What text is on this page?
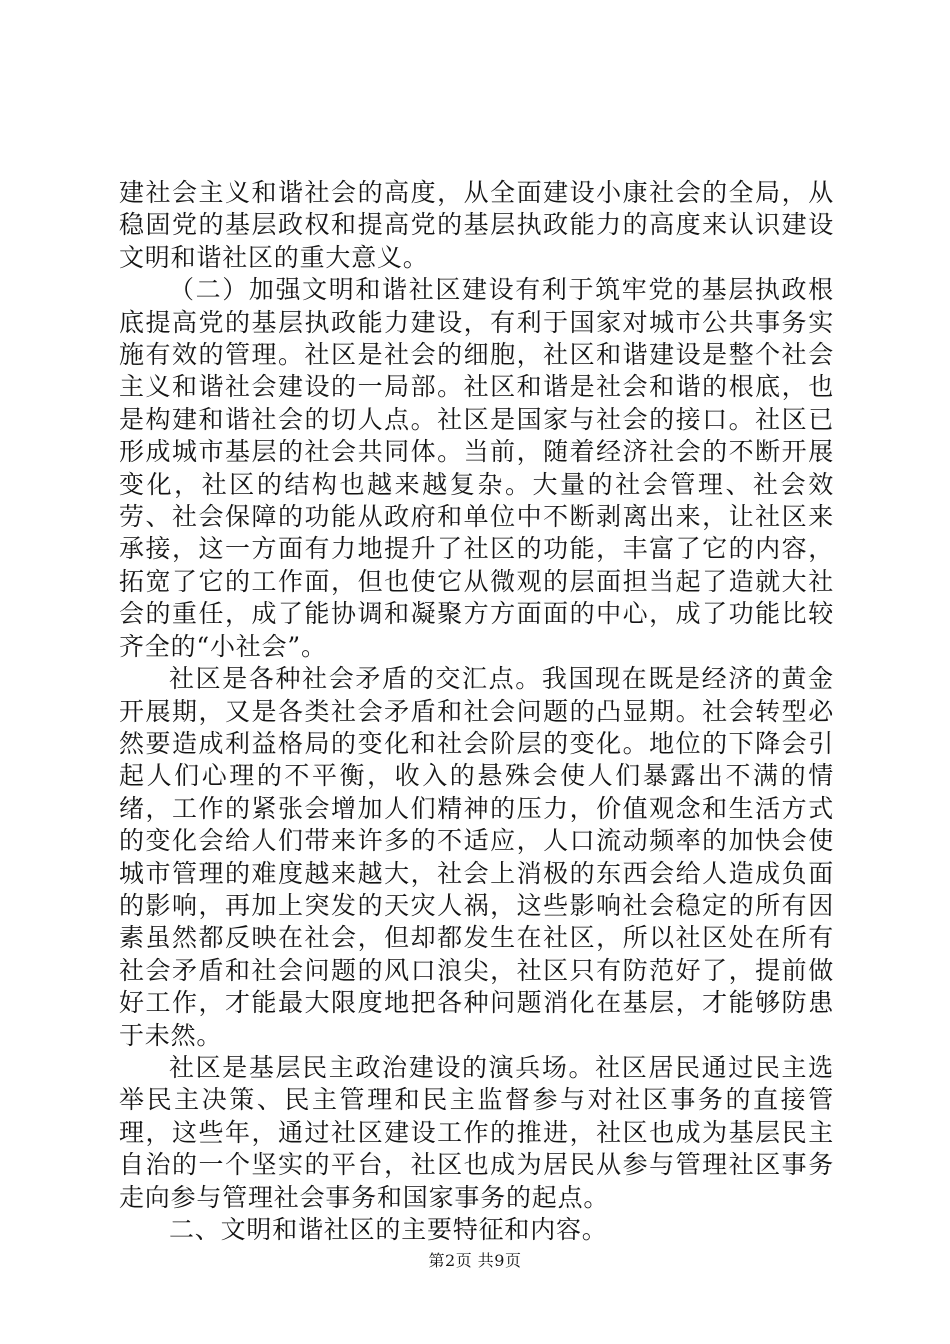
建社会主义和谐社会的高度，从全面建设小康社会的全局，从稳固党的基层政权和提高党的基层执政能力的高度来认识建设文明和谐社区的重大意义。

（二）加强文明和谐社区建设有利于筑牢党的基层执政根底提高党的基层执政能力建设，有利于国家对城市公共事务实施有效的管理。社区是社会的细胞，社区和谐建设是整个社会主义和谐社会建设的一局部。社区和谐是社会和谐的根底，也是构建和谐社会的切人点。社区是国家与社会的接口。社区已形成城市基层的社会共同体。当前，随着经济社会的不断开展变化，社区的结构也越来越复杂。大量的社会管理、社会效劳、社会保障的功能从政府和单位中不断剥离出来，让社区来承接，这一方面有力地提升了社区的功能，丰富了它的内容，拓宽了它的工作面，但也使它从微观的层面担当起了造就大社会的重任，成了能协调和凝聚方方面面的中心，成了功能比较齐全的“小社会”。

社区是各种社会矛盾的交汇点。我国现在既是经济的黄金开展期，又是各类社会矛盾和社会问题的凸显期。社会转型必然要造成利益格局的变化和社会阶层的变化。地位的下降会引起人们心理的不平衡，收入的悬殊会使人们暴露出不满的情绪，工作的紧张会增加人们精神的压力，价值观念和生活方式的变化会给人们带来许多的不适应，人口流动频率的加快会使城市管理的难度越来越大，社会上消极的东西会给人造成负面的影响，再加上突发的天灾人祸，这些影响社会稳定的所有因素虽然都反映在社会，但却都发生在社区，所以社区处在所有社会矛盾和社会问题的风口浪尖，社区只有防范好了，提前做好工作，才能最大限度地把各种问题消化在基层，才能够防患于未然。

社区是基层民主政治建设的演兵场。社区居民通过民主选举民主决策、民主管理和民主监督参与对社区事务的直接管理，这些年，通过社区建设工作的推进，社区也成为基层民主自治的一个坚实的平台，社区也成为居民从参与管理社区事务走向参与管理社会事务和国家事务的起点。

二、文明和谐社区的主要特征和内容。

第2页 共9页
